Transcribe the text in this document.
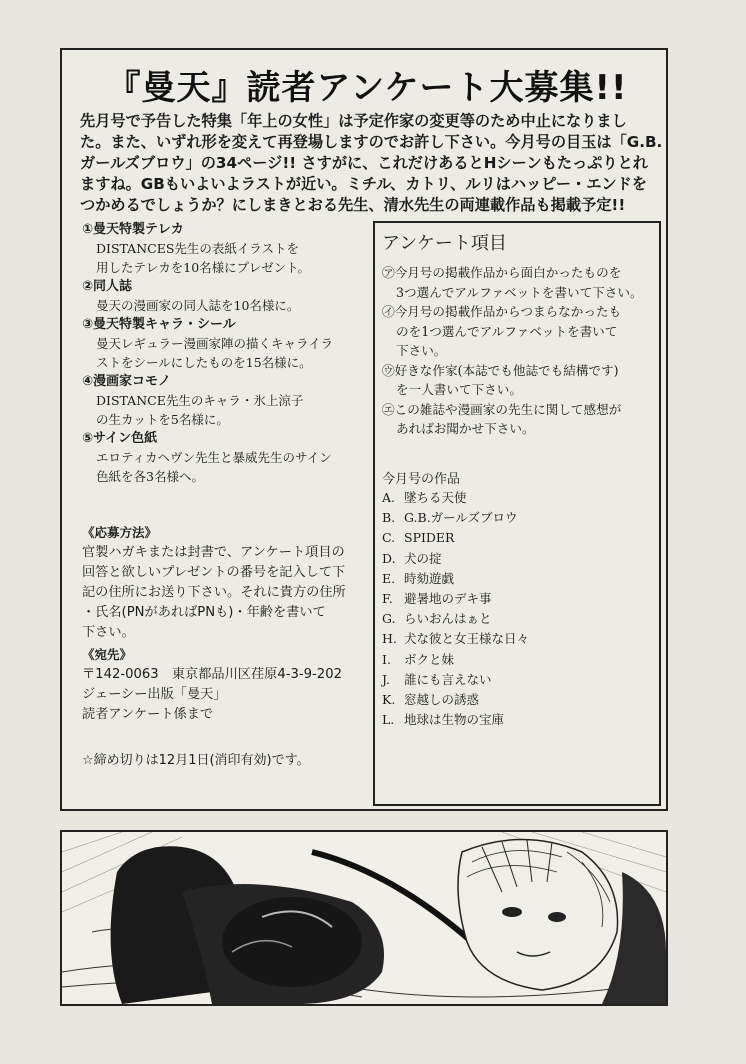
『曼天』読者アンケート大募集!!
先月号で予告した特集「年上の女性」は予定作家の変更等のため中止になりまし
た。また、いずれ形を変えて再登場しますのでお許し下さい。今月号の目玉は「G.B.
ガールズブロウ」の34ページ!! さすがに、これだけあるとHシーンもたっぷりとれ
ますね。GBもいよいよラストが近い。ミチル、カトリ、ルリはハッピー・エンドを
つかめるでしょうか？にしまきとおる先生、清水先生の両連載作品も掲載予定!!
①曼天特製テレカ
DISTANCES先生の表紙イラストを
用したテレカを10名様にプレゼント。
②同人誌
曼天の漫画家の同人誌を10名様に。
③曼天特製キャラ・シール
曼天レギュラー漫画家陣の描くキャライラ
ストをシールにしたものを15名様に。
④漫画家コモノ
DISTANCE先生のキャラ・氷上涼子
の生カットを5名様に。
⑤サイン色紙
エロティカヘヴン先生と暴威先生のサイン
色紙を各3名様へ。
《応募方法》
官製ハガキまたは封書で、アンケート項目の
回答と欲しいプレゼントの番号を記入して下
記の住所にお送り下さい。それに貴方の住所
・氏名(PNがあればPNも)・年齢を書いて
下さい。
《宛先》
〒142-0063　東京都品川区荏原4-3-9-202
ジェーシー出版「曼天」
読者アンケート係まで
☆締め切りは12月1日(消印有効)です。
アンケート項目
㋐今月号の掲載作品から面白かったものを
3つ選んでアルファベットを書いて下さい。
㋑今月号の掲載作品からつまらなかったも
のを1つ選んでアルファベットを書いて
下さい。
㋒好きな作家(本誌でも他誌でも結構です)
を一人書いて下さい。
㋓この雑誌や漫画家の先生に関して感想が
あればお聞かせ下さい。
今月号の作品
A. 墜ちる天使
B. G.B.ガールズブロウ
C. SPIDER
D. 犬の掟
E. 時劾遊戯
F. 避暑地のデキ事
G. らいおんはぁと
H. 犬な彼と女王様な日々
I. ボクと妹
J. 誰にも言えない
K. 窓越しの誘惑
L. 地球は生物の宝庫
